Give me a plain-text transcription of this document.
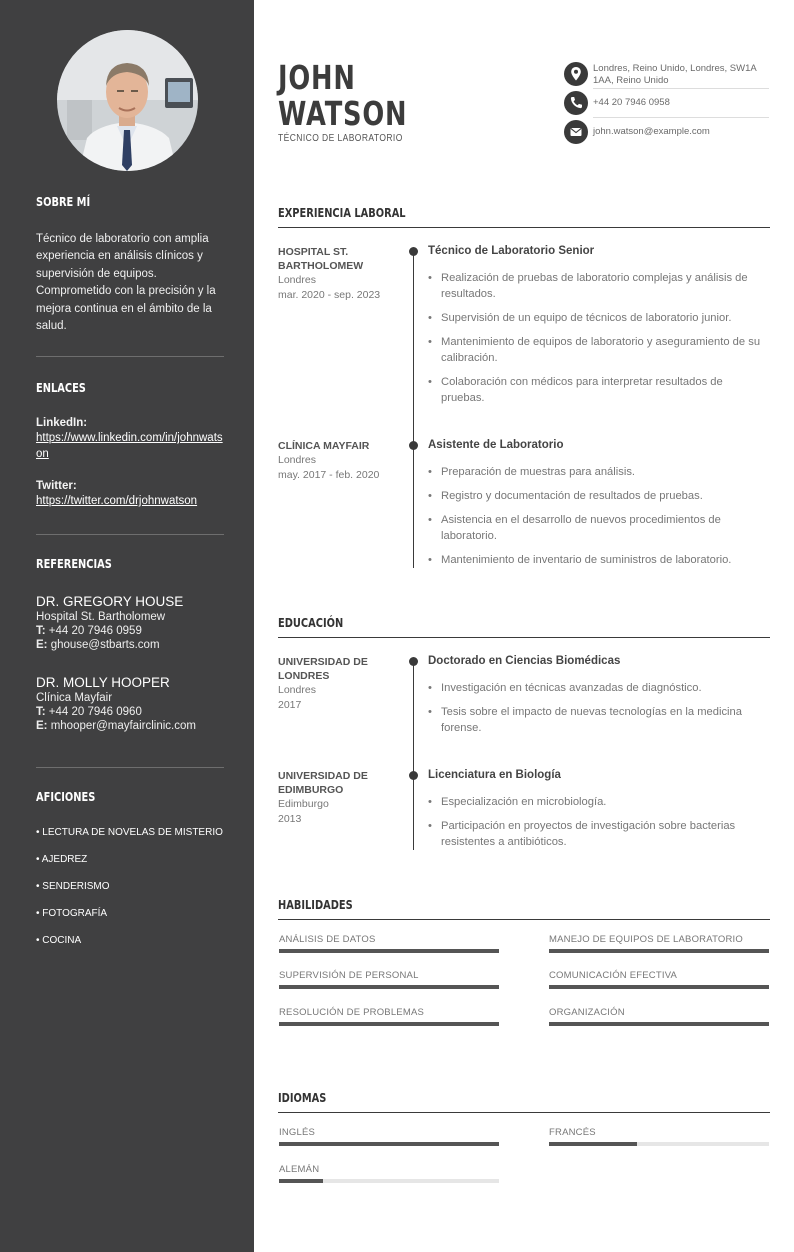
SOBRE MÍ
Técnico de laboratorio con amplia experiencia en análisis clínicos y supervisión de equipos. Comprometido con la precisión y la mejora continua en el ámbito de la salud.
ENLACES
LinkedIn:
https://www.linkedin.com/in/johnwatson
Twitter:
https://twitter.com/drjohnwatson
REFERENCIAS
DR. GREGORY HOUSE
Hospital St. Bartholomew
T: +44 20 7946 0959
E: ghouse@stbarts.com
DR. MOLLY HOOPER
Clínica Mayfair
T: +44 20 7946 0960
E: mhooper@mayfairclinic.com
AFICIONES
• LECTURA DE NOVELAS DE MISTERIO
• AJEDREZ
• SENDERISMO
• FOTOGRAFÍA
• COCINA
JOHN
WATSON
TÉCNICO DE LABORATORIO
Londres, Reino Unido, Londres, SW1A 1AA, Reino Unido
+44 20 7946 0958
john.watson@example.com
EXPERIENCIA LABORAL
HOSPITAL ST. BARTHOLOMEW
Londres
mar. 2020 - sep. 2023
Técnico de Laboratorio Senior
• Realización de pruebas de laboratorio complejas y análisis de resultados.
• Supervisión de un equipo de técnicos de laboratorio junior.
• Mantenimiento de equipos de laboratorio y aseguramiento de su calibración.
• Colaboración con médicos para interpretar resultados de pruebas.
CLÍNICA MAYFAIR
Londres
may. 2017 - feb. 2020
Asistente de Laboratorio
• Preparación de muestras para análisis.
• Registro y documentación de resultados de pruebas.
• Asistencia en el desarrollo de nuevos procedimientos de laboratorio.
• Mantenimiento de inventario de suministros de laboratorio.
EDUCACIÓN
UNIVERSIDAD DE LONDRES
Londres
2017
Doctorado en Ciencias Biomédicas
• Investigación en técnicas avanzadas de diagnóstico.
• Tesis sobre el impacto de nuevas tecnologías en la medicina forense.
UNIVERSIDAD DE EDIMBURGO
Edimburgo
2013
Licenciatura en Biología
• Especialización en microbiología.
• Participación en proyectos de investigación sobre bacterias resistentes a antibióticos.
HABILIDADES
ANÁLISIS DE DATOS	MANEJO DE EQUIPOS DE LABORATORIO
SUPERVISIÓN DE PERSONAL	COMUNICACIÓN EFECTIVA
RESOLUCIÓN DE PROBLEMAS	ORGANIZACIÓN
IDIOMAS
INGLÉS	FRANCÉS
ALEMÁN
